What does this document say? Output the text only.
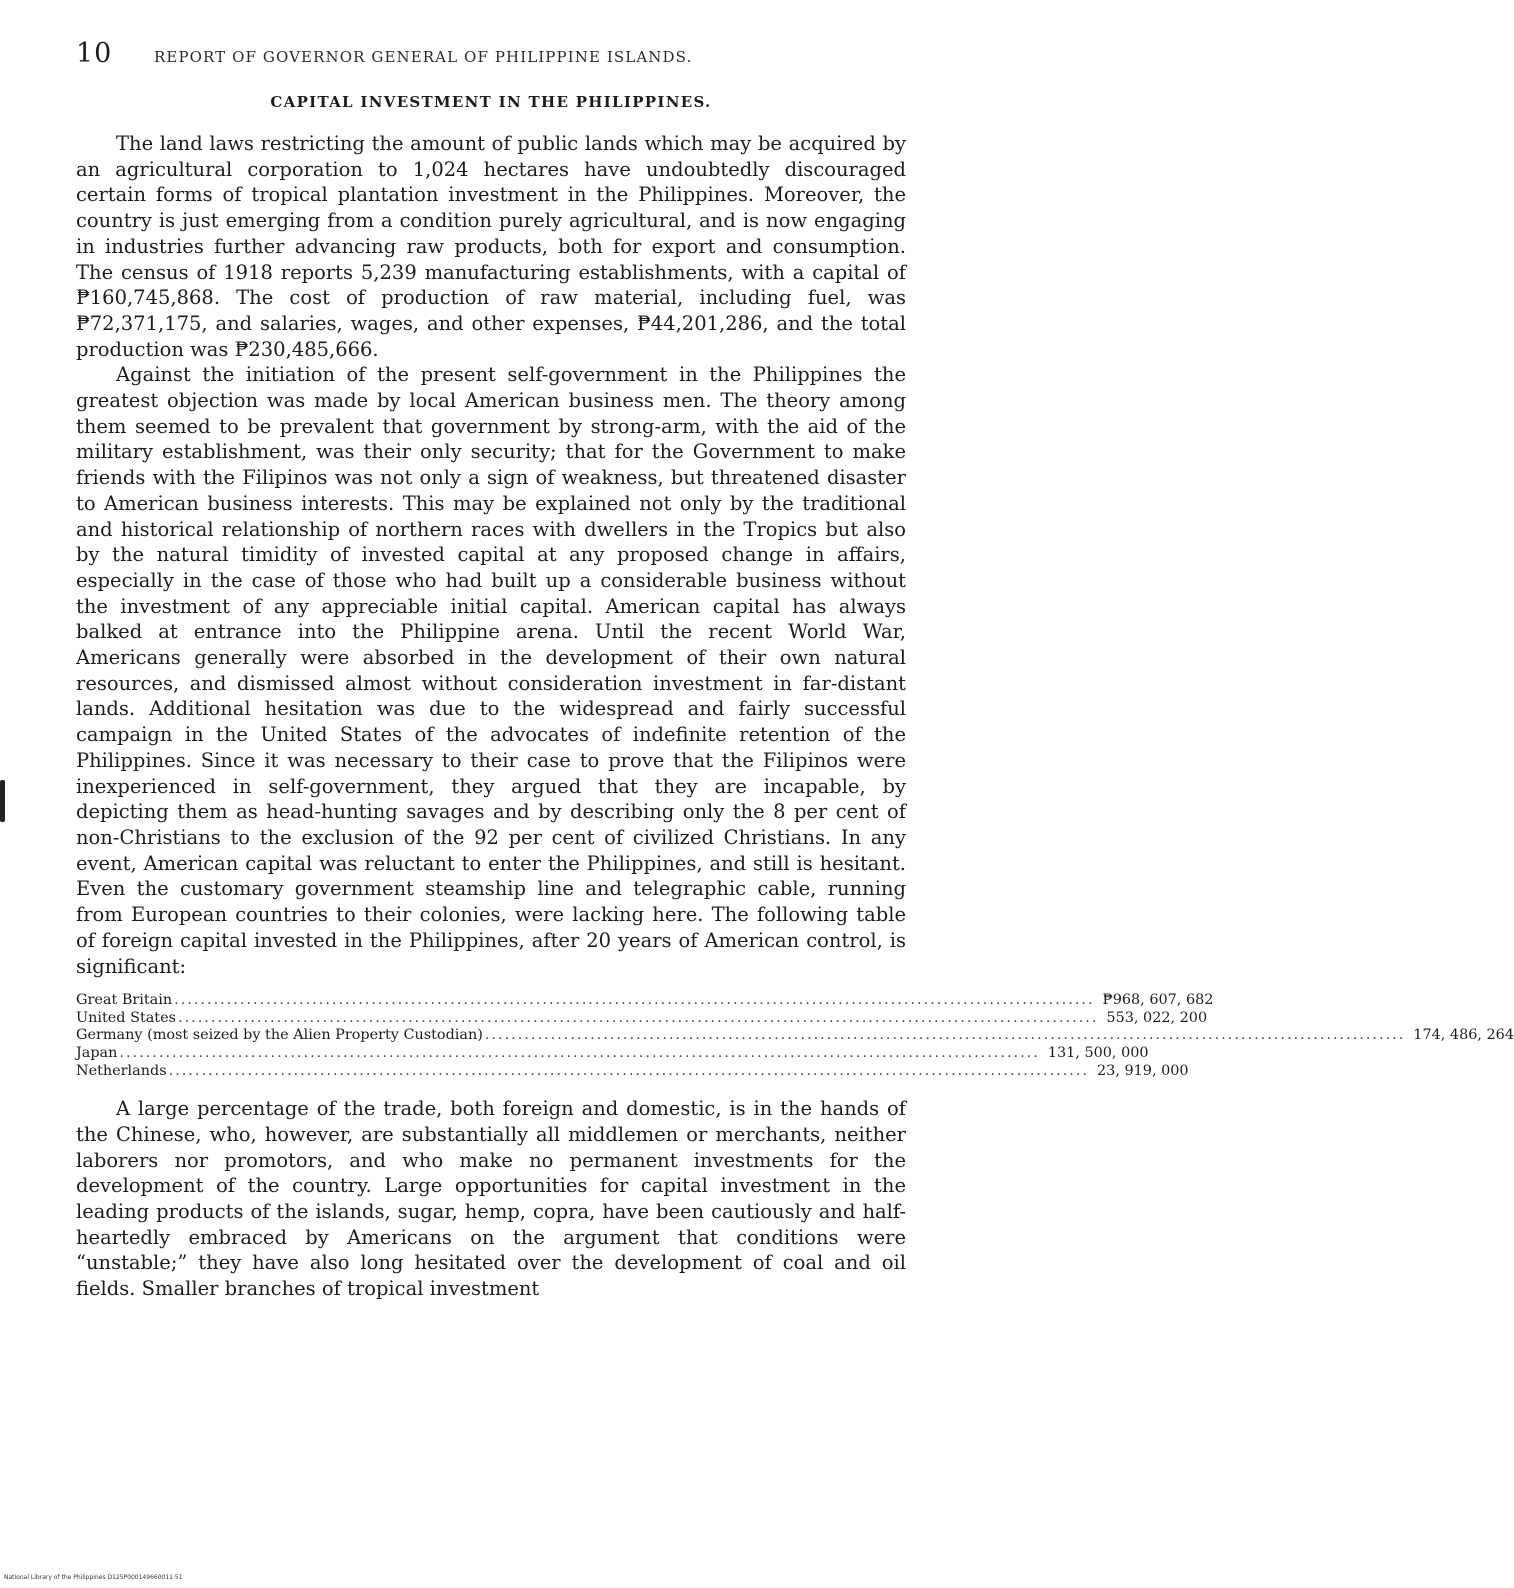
10	REPORT OF GOVERNOR GENERAL OF PHILIPPINE ISLANDS.
CAPITAL INVESTMENT IN THE PHILIPPINES.

The land laws restricting the amount of public lands which may be acquired by an agricultural corporation to 1,024 hectares have undoubtedly discouraged certain forms of tropical plantation investment in the Philippines. Moreover, the country is just emerging from a condition purely agricultural, and is now engaging in industries further advancing raw products, both for export and consumption. The census of 1918 reports 5,239 manufacturing establishments, with a capital of ₱160,745,868. The cost of production of raw material, including fuel, was ₱72,371,175, and salaries, wages, and other expenses, ₱44,201,286, and the total production was ₱230,485,666.

Against the initiation of the present self-government in the Philippines the greatest objection was made by local American business men. The theory among them seemed to be prevalent that government by strong-arm, with the aid of the military establishment, was their only security; that for the Government to make friends with the Filipinos was not only a sign of weakness, but threatened disaster to American business interests. This may be explained not only by the traditional and historical relationship of northern races with dwellers in the Tropics but also by the natural timidity of invested capital at any proposed change in affairs, especially in the case of those who had built up a considerable business without the investment of any appreciable initial capital. American capital has always balked at entrance into the Philippine arena. Until the recent World War, Americans generally were absorbed in the development of their own natural resources, and dismissed almost without consideration investment in far-distant lands. Additional hesitation was due to the widespread and fairly successful campaign in the United States of the advocates of indefinite retention of the Philippines. Since it was necessary to their case to prove that the Filipinos were inexperienced in self-government, they argued that they are incapable, by depicting them as head-hunting savages and by describing only the 8 per cent of non-Christians to the exclusion of the 92 per cent of civilized Christians. In any event, American capital was reluctant to enter the Philippines, and still is hesitant. Even the customary government steamship line and telegraphic cable, running from European countries to their colonies, were lacking here. The following table of foreign capital invested in the Philippines, after 20 years of American control, is significant:

Great Britain ............................................................................................................................................ ₱968, 607, 682
United States ............................................................................................................................................ 553, 022, 200
Germany (most seized by the Alien Property Custodian) ............................................................................................................................................ 174, 486, 264
Japan ............................................................................................................................................ 131, 500, 000
Netherlands ............................................................................................................................................ 23, 919, 000

A large percentage of the trade, both foreign and domestic, is in the hands of the Chinese, who, however, are substantially all middlemen or merchants, neither laborers nor promotors, and who make no permanent investments for the development of the country. Large opportunities for capital investment in the leading products of the islands, sugar, hemp, copra, have been cautiously and half-heartedly embraced by Americans on the argument that conditions were “unstable;” they have also long hesitated over the development of coal and oil fields. Smaller branches of tropical investment

National Library of the Philippines D125P000149660011 51
